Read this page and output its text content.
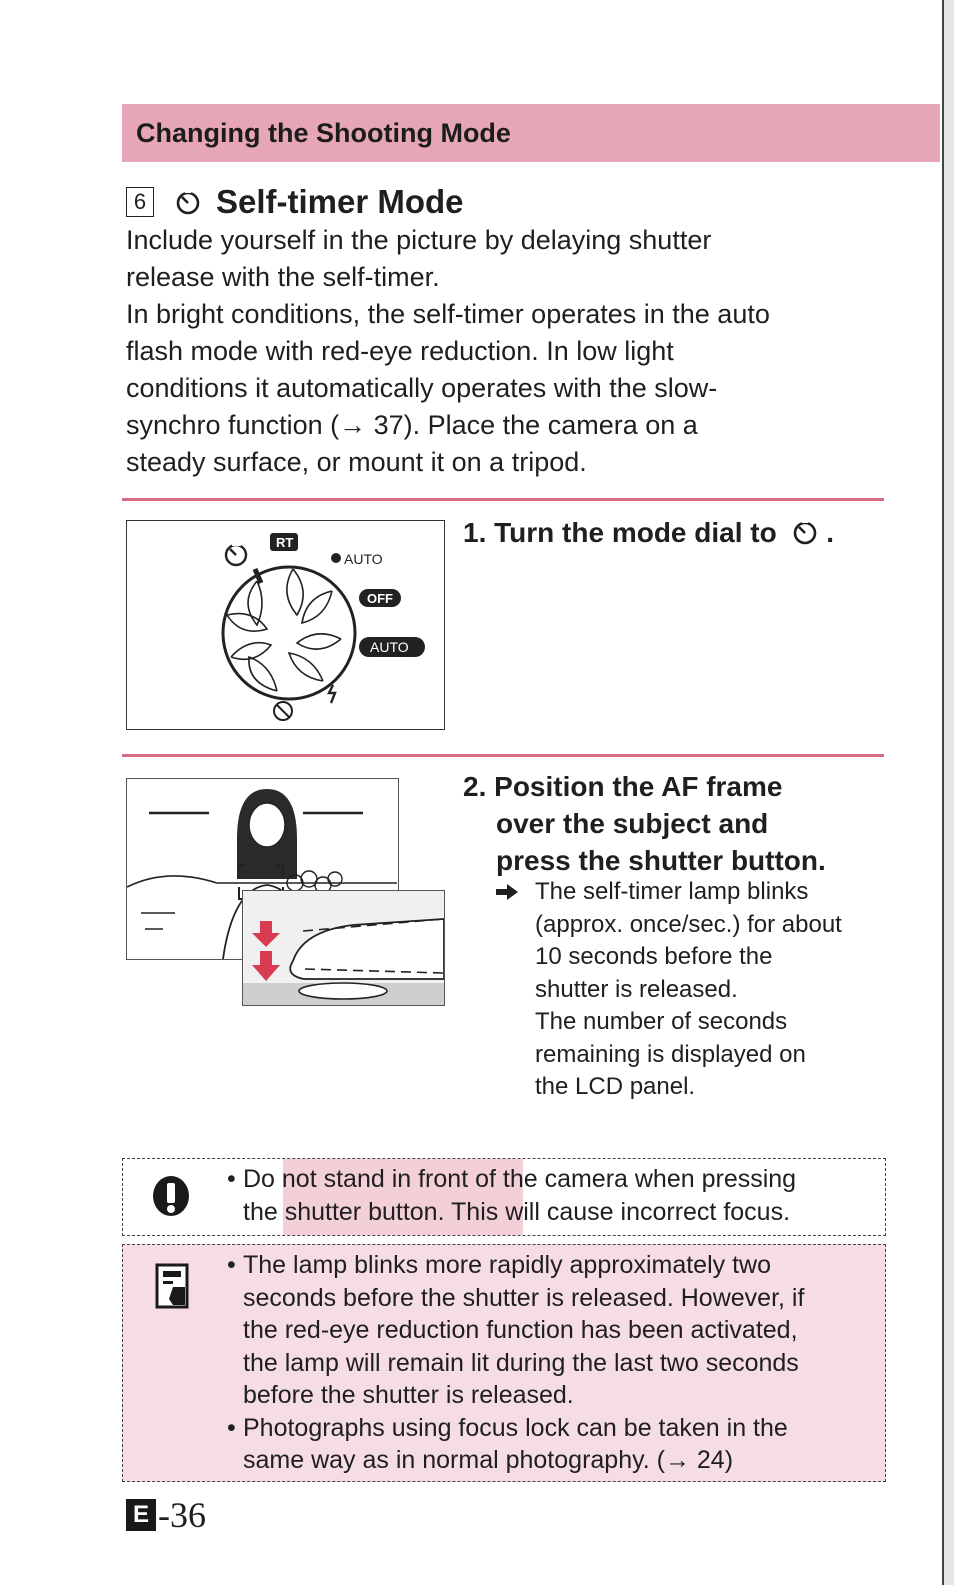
Changing the Shooting Mode
6 Self-timer Mode

Include yourself in the picture by delaying shutter

release with the self-timer.

In bright conditions, the self-timer operates in the auto

flash mode with red-eye reduction. In low light

conditions it automatically operates with the slow-

synchro function (→ 37). Place the camera on a

steady surface, or mount it on a tripod.

RT
AUTO
OFF
AUTO
1. Turn the mode dial to .
2. Position the AF frame
over the subject and
press the shutter button.
The self-timer lamp blinks
(approx. once/sec.) for about
10 seconds before the
shutter is released.
The number of seconds
remaining is displayed on
the LCD panel.
• Do not stand in front of the camera when pressing
the shutter button. This will cause incorrect focus.
• The lamp blinks more rapidly approximately two
seconds before the shutter is released. However, if
the red-eye reduction function has been activated,
the lamp will remain lit during the last two seconds
before the shutter is released.
• Photographs using focus lock can be taken in the
same way as in normal photography. (→ 24)
E -36
